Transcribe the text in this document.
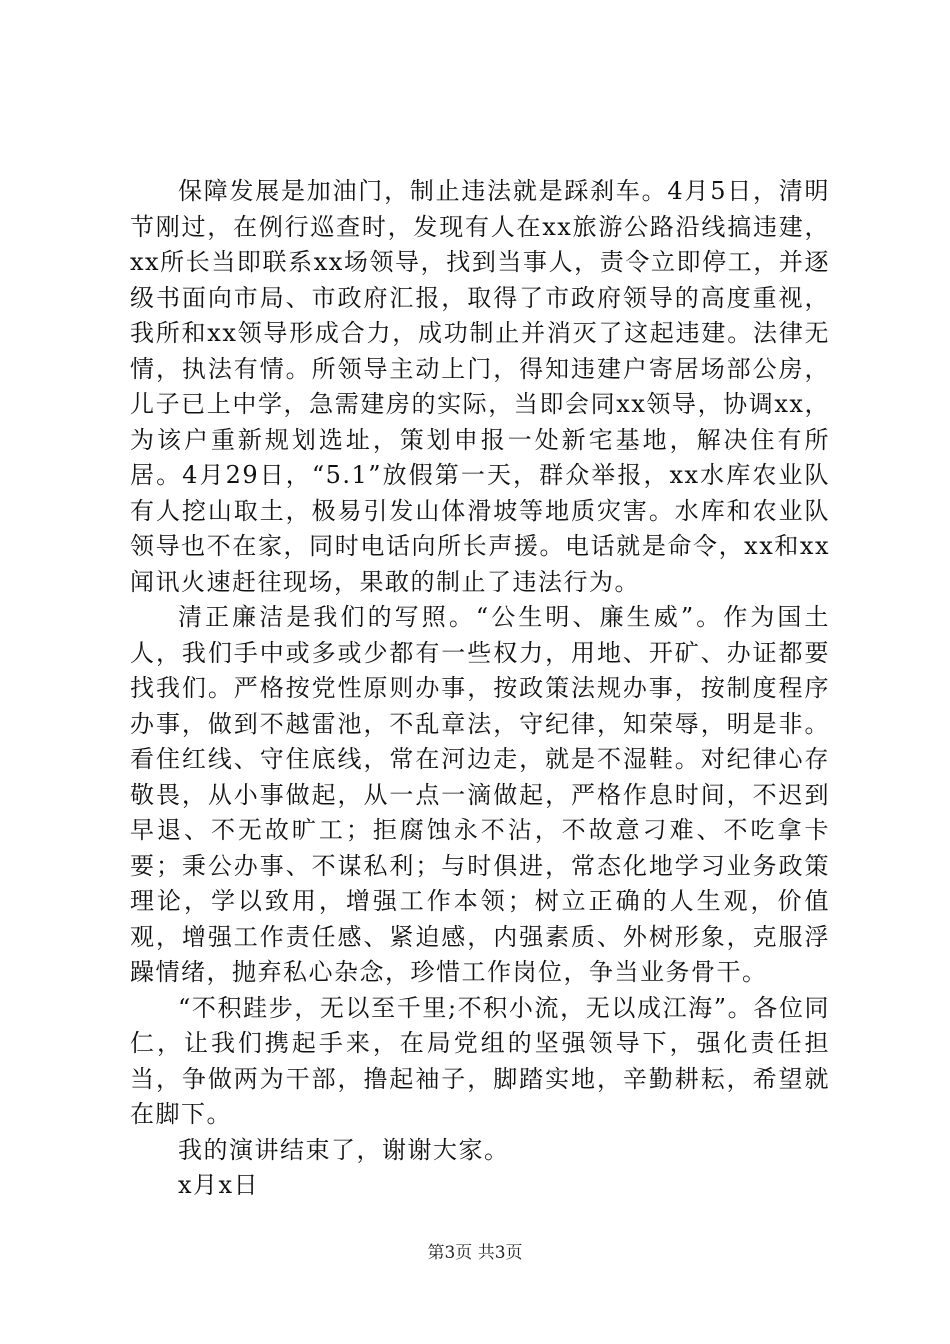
保障发展是加油门，制止违法就是踩刹车。4月5日，清明节刚过，在例行巡查时，发现有人在xx旅游公路沿线搞违建，xx所长当即联系xx场领导，找到当事人，责令立即停工，并逐级书面向市局、市政府汇报，取得了市政府领导的高度重视，我所和xx领导形成合力，成功制止并消灭了这起违建。法律无情，执法有情。所领导主动上门，得知违建户寄居场部公房，儿子已上中学，急需建房的实际，当即会同xx领导，协调xx，为该户重新规划选址，策划申报一处新宅基地，解决住有所居。4月29日，“5.1”放假第一天，群众举报，xx水库农业队有人挖山取土，极易引发山体滑坡等地质灾害。水库和农业队领导也不在家，同时电话向所长声援。电话就是命令，xx和xx闻讯火速赶往现场，果敢的制止了违法行为。

清正廉洁是我们的写照。“公生明、廉生威”。作为国土人，我们手中或多或少都有一些权力，用地、开矿、办证都要找我们。严格按党性原则办事，按政策法规办事，按制度程序办事，做到不越雷池，不乱章法，守纪律，知荣辱，明是非。看住红线、守住底线，常在河边走，就是不湿鞋。对纪律心存敬畏，从小事做起，从一点一滴做起，严格作息时间，不迟到早退、不无故旷工；拒腐蚀永不沾，不故意刁难、不吃拿卡要；秉公办事、不谋私利；与时俱进，常态化地学习业务政策理论，学以致用，增强工作本领；树立正确的人生观，价值观，增强工作责任感、紧迫感，内强素质、外树形象，克服浮躁情绪，抛弃私心杂念，珍惜工作岗位，争当业务骨干。

“不积跬步，无以至千里;不积小流，无以成江海”。各位同仁，让我们携起手来，在局党组的坚强领导下，强化责任担当，争做两为干部，撸起袖子，脚踏实地，辛勤耕耘，希望就在脚下。

我的演讲结束了，谢谢大家。

x月x日

第3页 共3页
